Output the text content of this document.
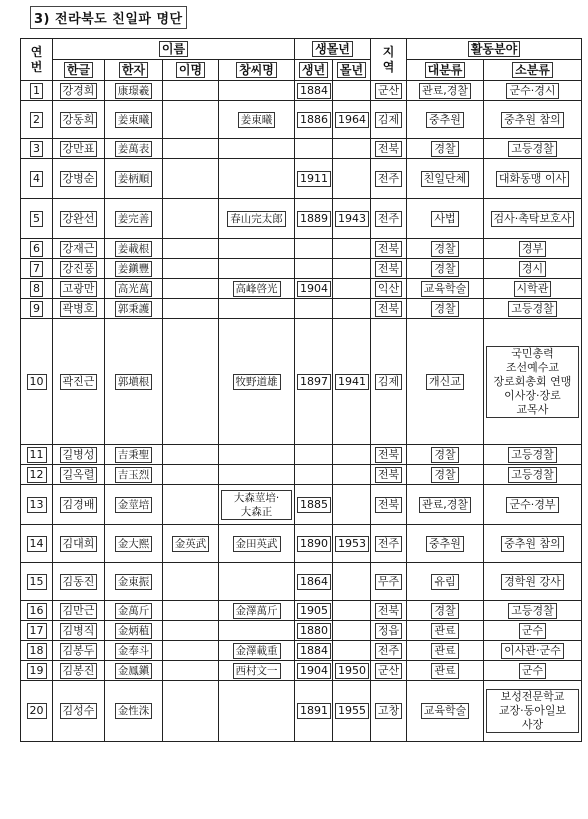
3) 전라북도 친일파 명단
연
번	이름				생몰년		지
역	활동분야	
	한글	한자	이명	창씨명	생년	몰년		대분류	소분류
1	강경희	康璟羲			1884		군산	관료,경찰	군수·경시
2	강동희	姜東曦		姜東曦	1886	1964	김제	중추원	중추원 참의
3	강만표	姜萬表					전북	경찰	고등경찰
4	강병순	姜柄順			1911		전주	친일단체	대화동맹 이사
5	강완선	姜完善		春山完太郎	1889	1943	전주	사법	검사·촉탁보호사
6	강재근	姜載根					전북	경찰	경부
7	강진풍	姜鎭豐					전북	경찰	경시
8	고광만	高光萬		高峰啓光	1904		익산	교육학술	시학관
9	곽병호	郭秉護					전북	경찰	고등경찰
10	곽진근	郭塡根		牧野道雄	1897	1941	김제	개신교	국민총력 조선예수교 장로회총회 연맹 이사장·장로 교목사
11	길병성	吉秉聖					전북	경찰	고등경찰
12	길옥렬	吉玉烈					전북	경찰	고등경찰
13	김경배	金莖培		大森莖培·大森正	1885		전북	관료,경찰	군수·경부
14	김대희	金大熙	金英武	金田英武	1890	1953	전주	중추원	중추원 참의
15	김동진	金東振			1864		무주	유림	경학원 강사
16	김만근	金萬斤		金澤萬斤	1905		전북	경찰	고등경찰
17	김병직	金炳稙			1880		정읍	관료	군수
18	김봉두	金奉斗		金澤載重	1884		전주	관료	이사관·군수
19	김봉진	金鳳鎭		西村文一	1904	1950	군산	관료	군수
20	김성수	金性洙			1891	1955	고창	교육학술	보성전문학교 교장·동아일보 사장
